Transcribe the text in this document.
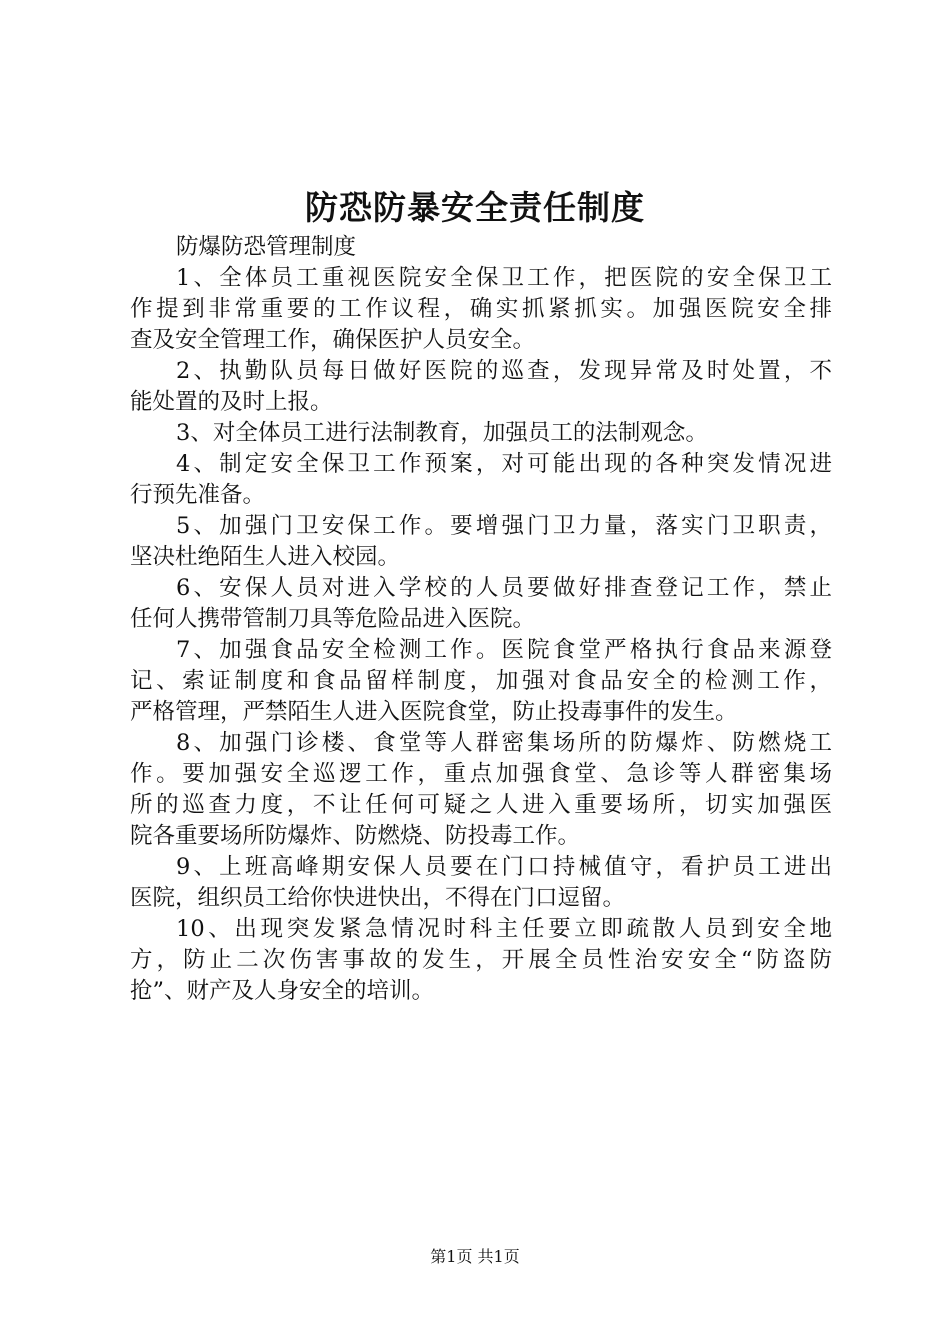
防恐防暴安全责任制度
防爆防恐管理制度
1、全体员工重视医院安全保卫工作，把医院的安全保卫工
作提到非常重要的工作议程，确实抓紧抓实。加强医院安全排
查及安全管理工作，确保医护人员安全。
2、执勤队员每日做好医院的巡查，发现异常及时处置，不
能处置的及时上报。
3、对全体员工进行法制教育，加强员工的法制观念。
4、制定安全保卫工作预案，对可能出现的各种突发情况进
行预先准备。
5、加强门卫安保工作。要增强门卫力量，落实门卫职责，
坚决杜绝陌生人进入校园。
6、安保人员对进入学校的人员要做好排查登记工作，禁止
任何人携带管制刀具等危险品进入医院。
7、加强食品安全检测工作。医院食堂严格执行食品来源登
记、索证制度和食品留样制度，加强对食品安全的检测工作，
严格管理，严禁陌生人进入医院食堂，防止投毒事件的发生。
8、加强门诊楼、食堂等人群密集场所的防爆炸、防燃烧工
作。要加强安全巡逻工作，重点加强食堂、急诊等人群密集场
所的巡查力度，不让任何可疑之人进入重要场所，切实加强医
院各重要场所防爆炸、防燃烧、防投毒工作。
9、上班高峰期安保人员要在门口持械值守，看护员工进出
医院，组织员工给你快进快出，不得在门口逗留。
10、出现突发紧急情况时科主任要立即疏散人员到安全地
方，防止二次伤害事故的发生，开展全员性治安安全“防盗防
抢”、财产及人身安全的培训。
第1页 共1页
